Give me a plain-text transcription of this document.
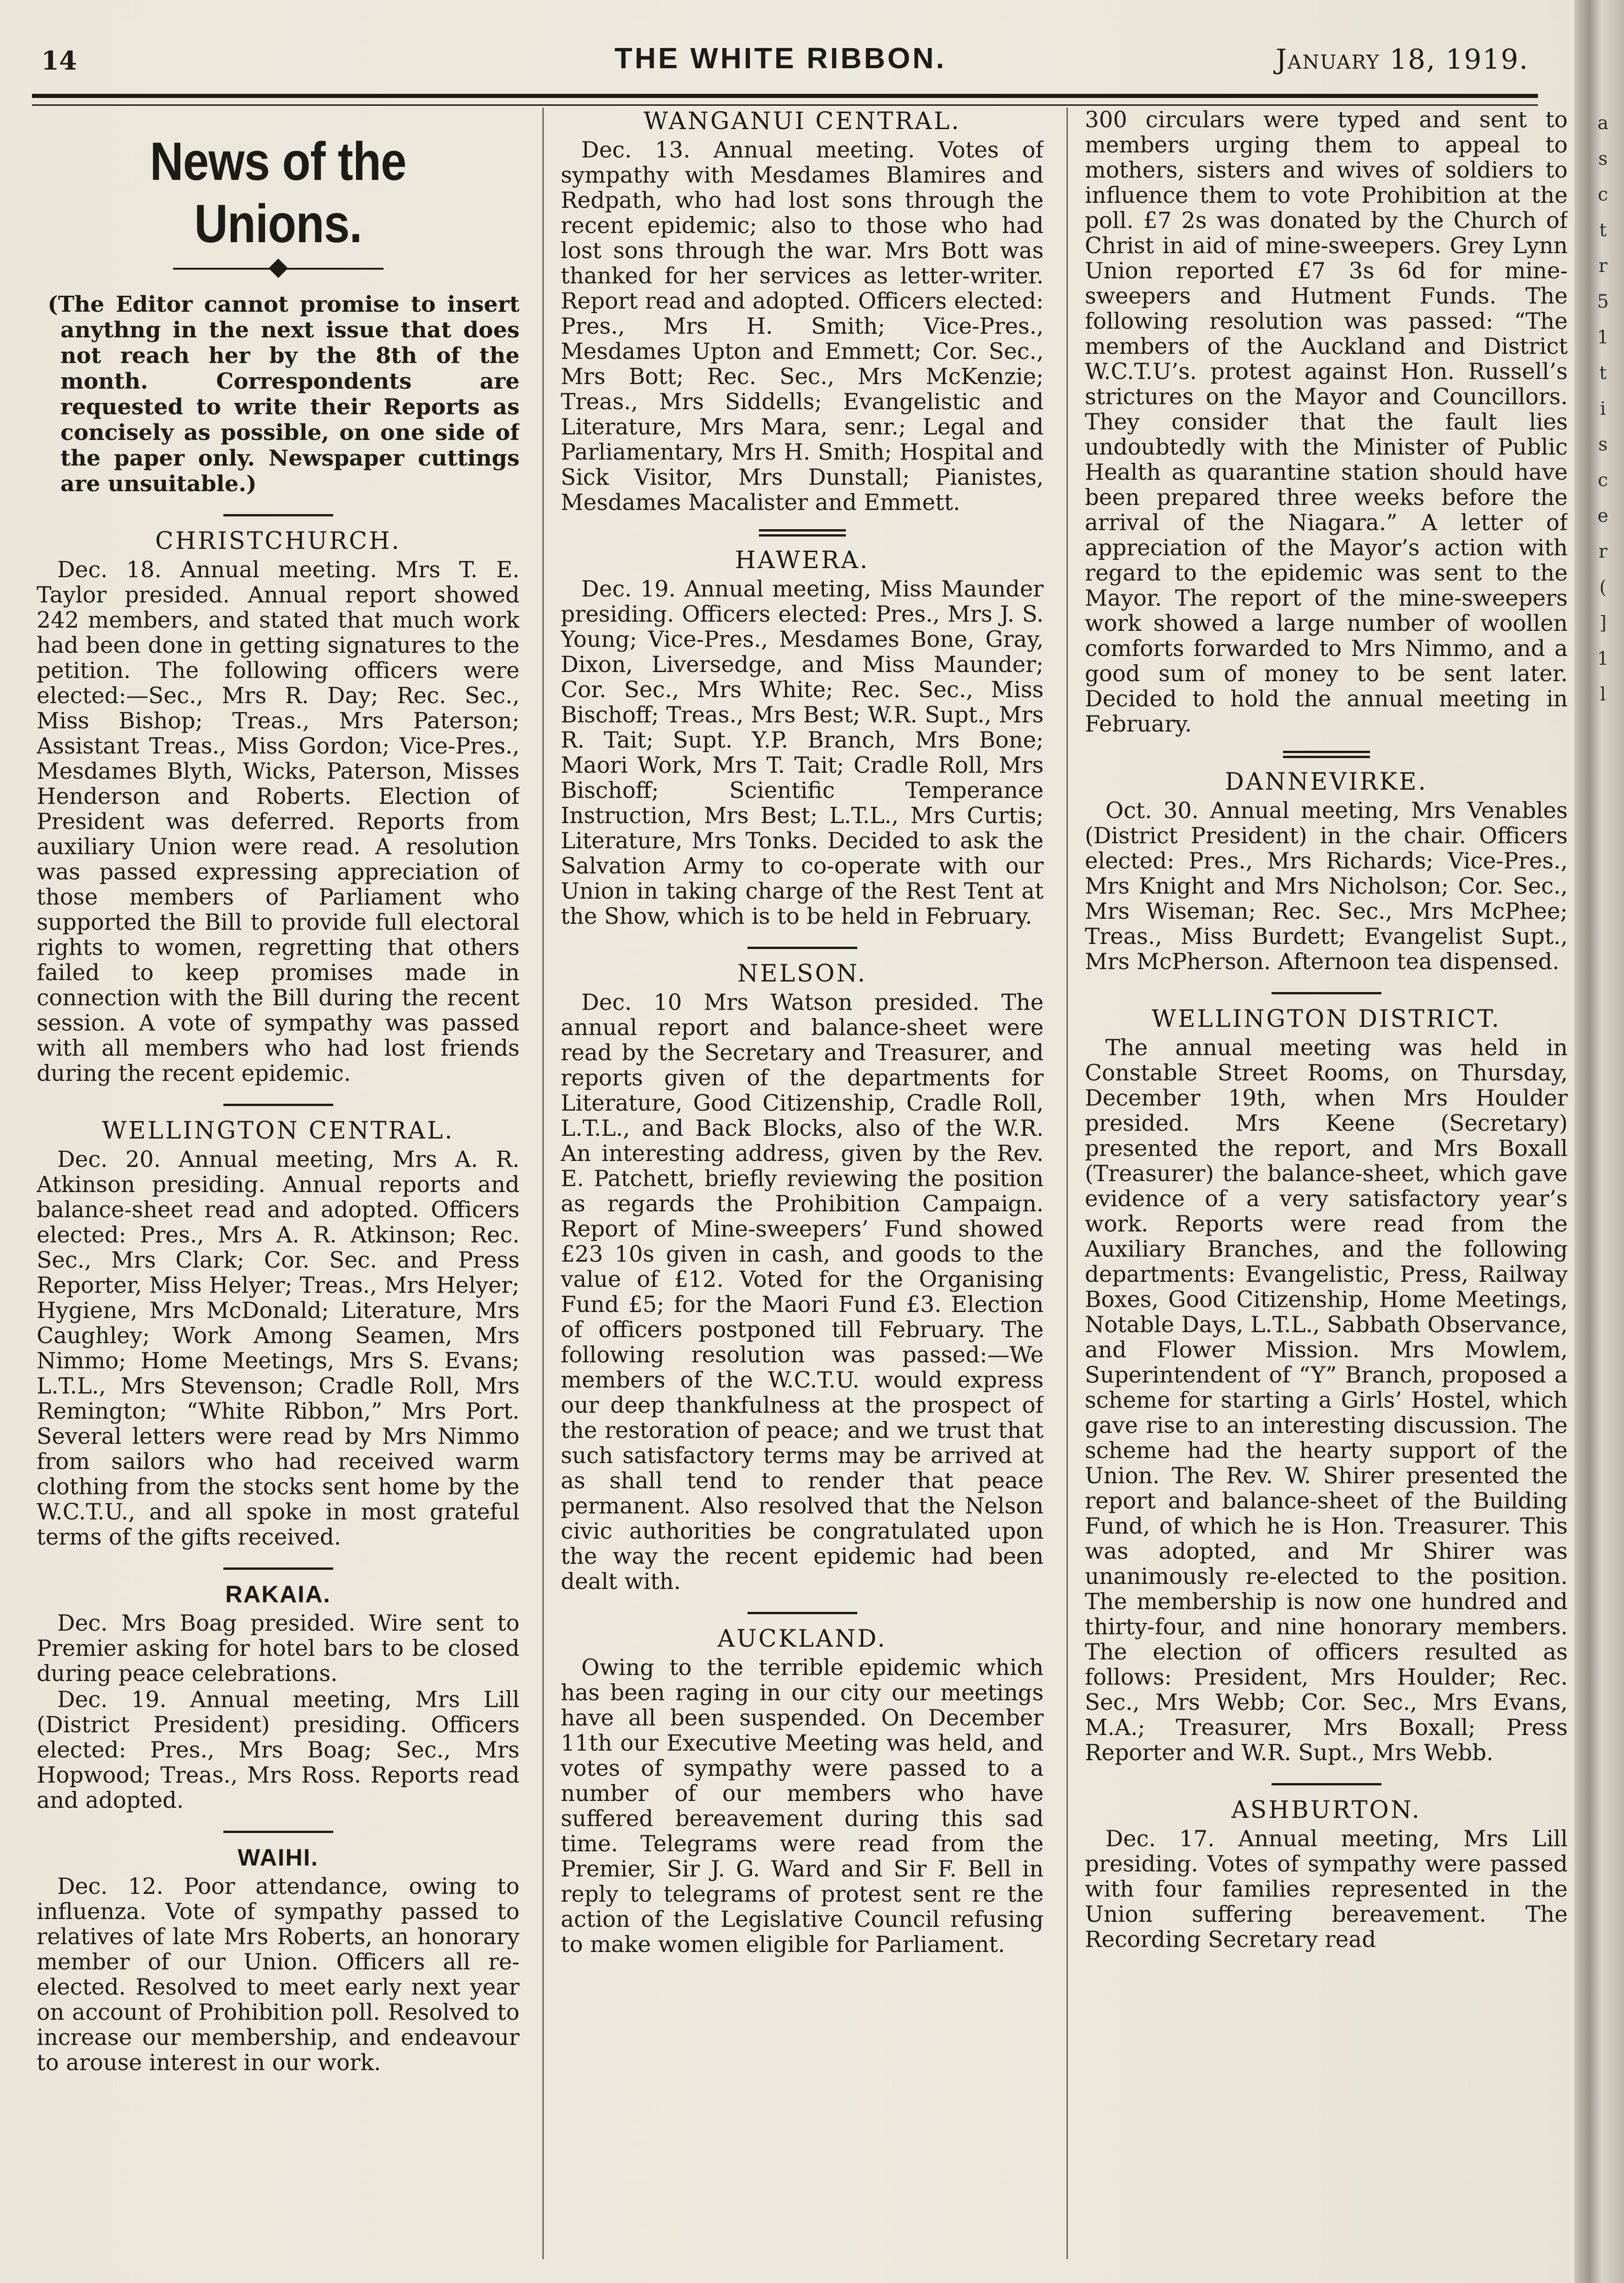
14	THE WHITE RIBBON.	January 18, 1919.
News of the Unions.

(The Editor cannot promise to insert anythng in the next issue that does not reach her by the 8th of the month. Correspondents are requested to write their Reports as concisely as possible, on one side of the paper only. Newspaper cuttings are unsuitable.)

CHRISTCHURCH.

Dec. 18. Annual meeting. Mrs T. E. Taylor presided. Annual report showed 242 members, and stated that much work had been done in getting signatures to the petition. The following officers were elected:—Sec., Mrs R. Day; Rec. Sec., Miss Bishop; Treas., Mrs Paterson; Assistant Treas., Miss Gordon; Vice-Pres., Mesdames Blyth, Wicks, Paterson, Misses Henderson and Roberts. Election of President was deferred. Reports from auxiliary Union were read. A resolution was passed expressing appreciation of those members of Parliament who supported the Bill to provide full electoral rights to women, regretting that others failed to keep promises made in connection with the Bill during the recent session. A vote of sympathy was passed with all members who had lost friends during the recent epidemic.

WELLINGTON CENTRAL.

Dec. 20. Annual meeting, Mrs A. R. Atkinson presiding. Annual reports and balance-sheet read and adopted. Officers elected: Pres., Mrs A. R. Atkinson; Rec. Sec., Mrs Clark; Cor. Sec. and Press Reporter, Miss Helyer; Treas., Mrs Helyer; Hygiene, Mrs McDonald; Literature, Mrs Caughley; Work Among Seamen, Mrs Nimmo; Home Meetings, Mrs S. Evans; L.T.L., Mrs Stevenson; Cradle Roll, Mrs Remington; “White Ribbon,” Mrs Port. Several letters were read by Mrs Nimmo from sailors who had received warm clothing from the stocks sent home by the W.C.T.U., and all spoke in most grateful terms of the gifts received.

RAKAIA.

Dec. Mrs Boag presided. Wire sent to Premier asking for hotel bars to be closed during peace celebrations.

Dec. 19. Annual meeting, Mrs Lill (District President) presiding. Officers elected: Pres., Mrs Boag; Sec., Mrs Hopwood; Treas., Mrs Ross. Reports read and adopted.

WAIHI.

Dec. 12. Poor attendance, owing to influenza. Vote of sympathy passed to relatives of late Mrs Roberts, an honorary member of our Union. Officers all re-elected. Resolved to meet early next year on account of Prohibition poll. Resolved to increase our membership, and endeavour to arouse interest in our work.

WANGANUI CENTRAL.

Dec. 13. Annual meeting. Votes of sympathy with Mesdames Blamires and Redpath, who had lost sons through the recent epidemic; also to those who had lost sons through the war. Mrs Bott was thanked for her services as letter-writer. Report read and adopted. Officers elected: Pres., Mrs H. Smith; Vice-Pres., Mesdames Upton and Emmett; Cor. Sec., Mrs Bott; Rec. Sec., Mrs McKenzie; Treas., Mrs Siddells; Evangelistic and Literature, Mrs Mara, senr.; Legal and Parliamentary, Mrs H. Smith; Hospital and Sick Visitor, Mrs Dunstall; Pianistes, Mesdames Macalister and Emmett.

HAWERA.

Dec. 19. Annual meeting, Miss Maunder presiding. Officers elected: Pres., Mrs J. S. Young; Vice-Pres., Mesdames Bone, Gray, Dixon, Liversedge, and Miss Maunder; Cor. Sec., Mrs White; Rec. Sec., Miss Bischoff; Treas., Mrs Best; W.R. Supt., Mrs R. Tait; Supt. Y.P. Branch, Mrs Bone; Maori Work, Mrs T. Tait; Cradle Roll, Mrs Bischoff; Scientific Temperance Instruction, Mrs Best; L.T.L., Mrs Curtis; Literature, Mrs Tonks. Decided to ask the Salvation Army to co-operate with our Union in taking charge of the Rest Tent at the Show, which is to be held in February.

NELSON.

Dec. 10 Mrs Watson presided. The annual report and balance-sheet were read by the Secretary and Treasurer, and reports given of the departments for Literature, Good Citizenship, Cradle Roll, L.T.L., and Back Blocks, also of the W.R. An interesting address, given by the Rev. E. Patchett, briefly reviewing the position as regards the Prohibition Campaign. Report of Mine-sweepers’ Fund showed £23 10s given in cash, and goods to the value of £12. Voted for the Organising Fund £5; for the Maori Fund £3. Election of officers postponed till February. The following resolution was passed:—We members of the W.C.T.U. would express our deep thankfulness at the prospect of the restoration of peace; and we trust that such satisfactory terms may be arrived at as shall tend to render that peace permanent. Also resolved that the Nelson civic authorities be congratulated upon the way the recent epidemic had been dealt with.

AUCKLAND.

Owing to the terrible epidemic which has been raging in our city our meetings have all been suspended. On December 11th our Executive Meeting was held, and votes of sympathy were passed to a number of our members who have suffered bereavement during this sad time. Telegrams were read from the Premier, Sir J. G. Ward and Sir F. Bell in reply to telegrams of protest sent re the action of the Legislative Council refusing to make women eligible for Parliament.

300 circulars were typed and sent to members urging them to appeal to mothers, sisters and wives of soldiers to influence them to vote Prohibition at the poll. £7 2s was donated by the Church of Christ in aid of mine-sweepers. Grey Lynn Union reported £7 3s 6d for mine-sweepers and Hutment Funds. The following resolution was passed: “The members of the Auckland and District W.C.T.U’s. protest against Hon. Russell’s strictures on the Mayor and Councillors. They consider that the fault lies undoubtedly with the Minister of Public Health as quarantine station should have been prepared three weeks before the arrival of the Niagara.” A letter of appreciation of the Mayor’s action with regard to the epidemic was sent to the Mayor. The report of the mine-sweepers work showed a large number of woollen comforts forwarded to Mrs Nimmo, and a good sum of money to be sent later. Decided to hold the annual meeting in February.

DANNEVIRKE.

Oct. 30. Annual meeting, Mrs Venables (District President) in the chair. Officers elected: Pres., Mrs Richards; Vice-Pres., Mrs Knight and Mrs Nicholson; Cor. Sec., Mrs Wiseman; Rec. Sec., Mrs McPhee; Treas., Miss Burdett; Evangelist Supt., Mrs McPherson. Afternoon tea dispensed.

WELLINGTON DISTRICT.

The annual meeting was held in Constable Street Rooms, on Thursday, December 19th, when Mrs Houlder presided. Mrs Keene (Secretary) presented the report, and Mrs Boxall (Treasurer) the balance-sheet, which gave evidence of a very satisfactory year’s work. Reports were read from the Auxiliary Branches, and the following departments: Evangelistic, Press, Railway Boxes, Good Citizenship, Home Meetings, Notable Days, L.T.L., Sabbath Observance, and Flower Mission. Mrs Mowlem, Superintendent of “Y” Branch, proposed a scheme for starting a Girls’ Hostel, which gave rise to an interesting discussion. The scheme had the hearty support of the Union. The Rev. W. Shirer presented the report and balance-sheet of the Building Fund, of which he is Hon. Treasurer. This was adopted, and Mr Shirer was unanimously re-elected to the position. The membership is now one hundred and thirty-four, and nine honorary members. The election of officers resulted as follows: President, Mrs Houlder; Rec. Sec., Mrs Webb; Cor. Sec., Mrs Evans, M.A.; Treasurer, Mrs Boxall; Press Reporter and W.R. Supt., Mrs Webb.

ASHBURTON.

Dec. 17. Annual meeting, Mrs Lill presiding. Votes of sympathy were passed with four families represented in the Union suffering bereavement. The Recording Secretary read

a
s
c
t
r
5
1
t
i
s
c
e
r
(
]
1
l
